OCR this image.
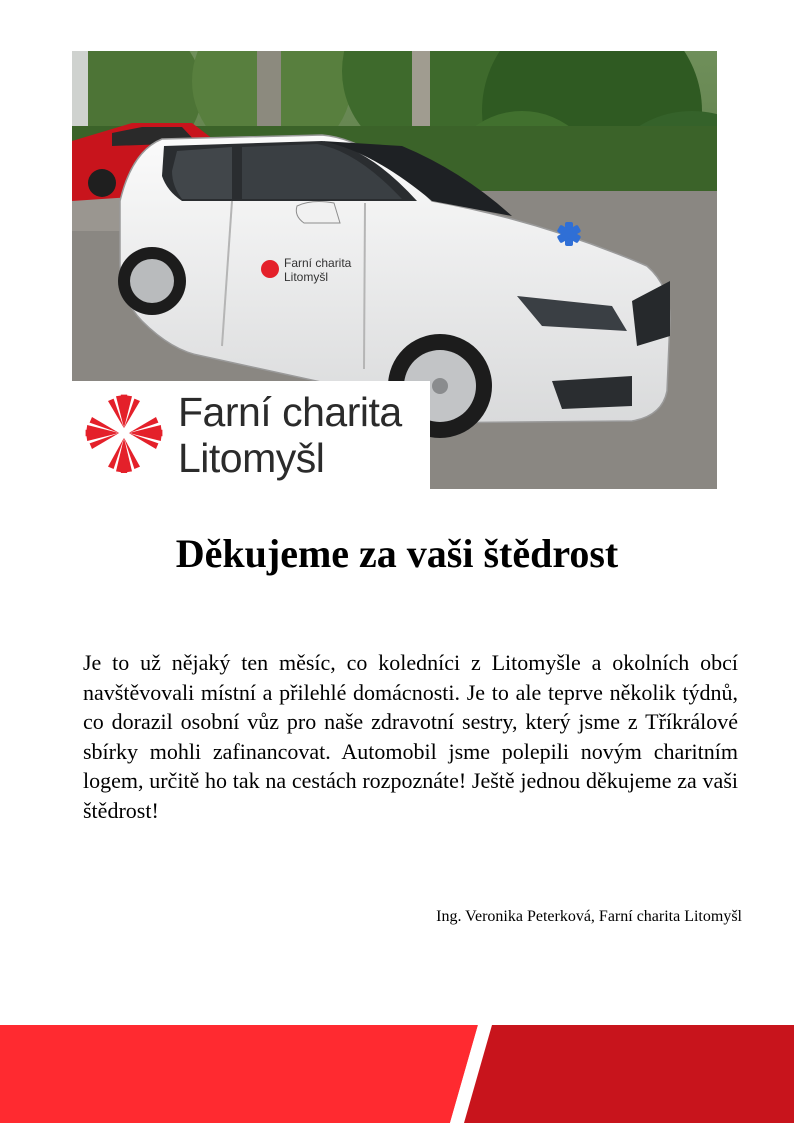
Farní charita
Litomyšl
Farní charita
Litomyšl
Děkujeme za vaši štědrost

Je to už nějaký ten měsíc, co koledníci z Litomyšle a okolních obcí navštěvovali místní a přilehlé domácnosti. Je to ale teprve několik týdnů, co dorazil osobní vůz pro naše zdravotní sestry, který jsme z Tříkrálové sbírky mohli zafinancovat. Automobil jsme polepili novým charitním logem, určitě ho tak na cestách rozpoznáte! Ještě jednou děkujeme za vaši štědrost!

Ing. Veronika Peterková, Farní charita Litomyšl
